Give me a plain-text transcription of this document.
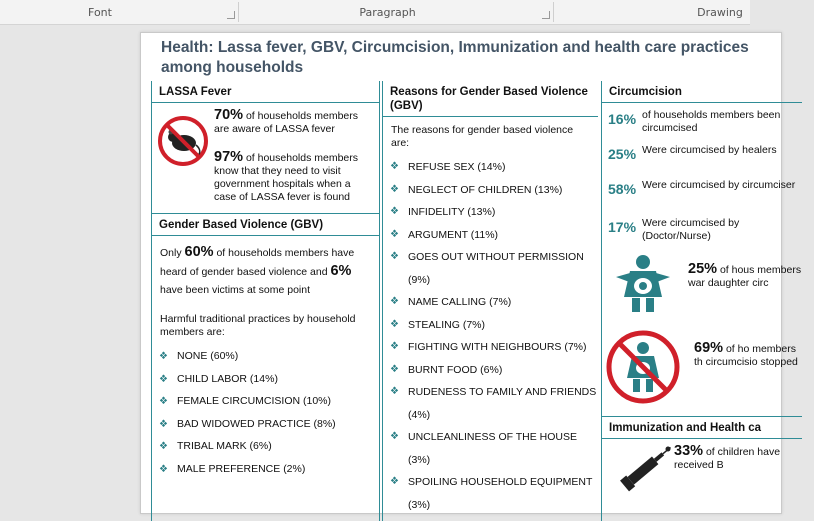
Font	Paragraph	Drawing
Health: Lassa fever, GBV, Circumcision, Immunization and health care practices among households
LASSA Fever
70% of households members are aware of LASSA fever
97% of households members know that they need to visit government hospitals when a case of LASSA fever is found
Gender Based Violence (GBV)
Only 60% of households members have heard of gender based violence and 6% have been victims at some point
Harmful traditional practices by household members are:
❖ NONE (60%)
❖ CHILD LABOR (14%)
❖ FEMALE CIRCUMCISION (10%)
❖ BAD WIDOWED PRACTICE (8%)
❖ TRIBAL MARK (6%)
❖ MALE PREFERENCE (2%)
Reasons for Gender Based Violence (GBV)
The reasons for gender based violence are:
❖ REFUSE SEX (14%)
❖ NEGLECT OF CHILDREN (13%)
❖ INFIDELITY (13%)
❖ ARGUMENT (11%)
❖ GOES OUT WITHOUT PERMISSION (9%)
❖ NAME CALLING (7%)
❖ STEALING (7%)
❖ FIGHTING WITH NEIGHBOURS (7%)
❖ BURNT FOOD (6%)
❖ RUDENESS TO FAMILY AND FRIENDS (4%)
❖ UNCLEANLINESS OF THE HOUSE (3%)
❖ SPOILING HOUSEHOLD EQUIPMENT (3%)
Circumcision
16% of households members been circumcised
25% Were circumcised by healers
58% Were circumcised by circumciser
17% Were circumcised by (Doctor/Nurse)
25% of hous members war daughter circ
69% of ho members th circumcisio stopped
Immunization and Health ca
33% of children have received B
